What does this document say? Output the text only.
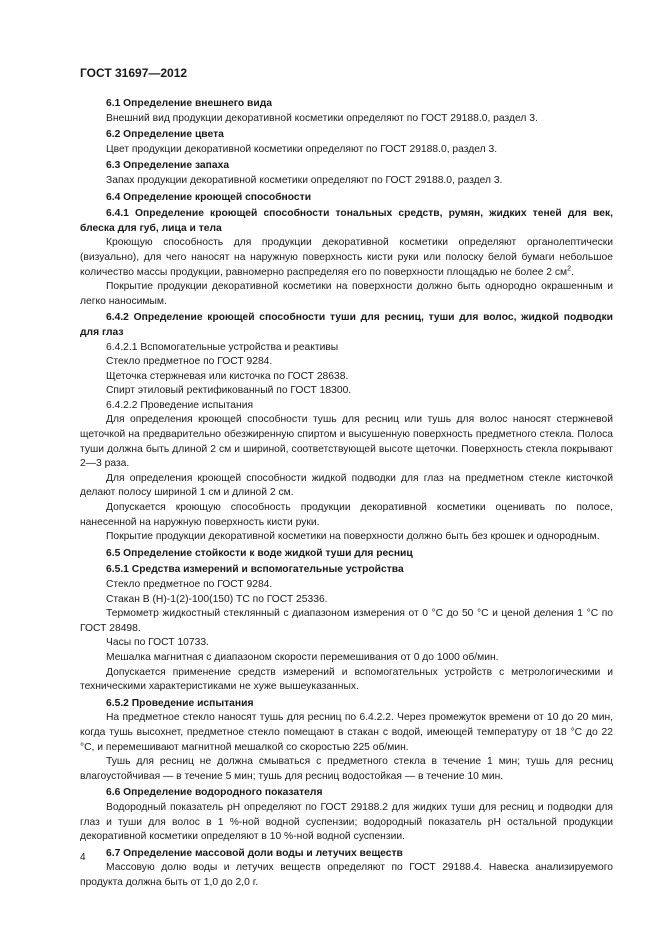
ГОСТ 31697—2012

6.1 Определение внешнего вида

Внешний вид продукции декоративной косметики определяют по ГОСТ 29188.0, раздел 3.

6.2 Определение цвета

Цвет продукции декоративной косметики определяют по ГОСТ 29188.0, раздел 3.

6.3 Определение запаха

Запах продукции декоративной косметики определяют по ГОСТ 29188.0, раздел 3.

6.4 Определение кроющей способности

6.4.1 Определение кроющей способности тональных средств, румян, жидких теней для век, блеска для губ, лица и тела

Кроющую способность для продукции декоративной косметики определяют органолептически (визуально), для чего наносят на наружную поверхность кисти руки или полоску белой бумаги небольшое количество массы продукции, равномерно распределяя его по поверхности площадью не более 2 $см^2$.

Покрытие продукции декоративной косметики на поверхности должно быть однородно окрашенным и легко наносимым.

6.4.2 Определение кроющей способности туши для ресниц, туши для волос, жидкой подводки для глаз

6.4.2.1 Вспомогательные устройства и реактивы

Стекло предметное по ГОСТ 9284.

Щеточка стержневая или кисточка по ГОСТ 28638.

Спирт этиловый ректификованный по ГОСТ 18300.

6.4.2.2 Проведение испытания

Для определения кроющей способности тушь для ресниц или тушь для волос наносят стержневой щеточкой на предварительно обезжиренную спиртом и высушенную поверхность предметного стекла. Полоса туши должна быть длиной 2 см и шириной, соответствующей высоте щеточки. Поверхность стекла покрывают 2—3 раза.

Для определения кроющей способности жидкой подводки для глаз на предметном стекле кисточкой делают полосу шириной 1 см и длиной 2 см.

Допускается кроющую способность продукции декоративной косметики оценивать по полосе, нанесенной на наружную поверхность кисти руки.

Покрытие продукции декоративной косметики на поверхности должно быть без крошек и однородным.

6.5 Определение стойкости к воде жидкой туши для ресниц

6.5.1 Средства измерений и вспомогательные устройства

Стекло предметное по ГОСТ 9284.

Стакан В (Н)-1(2)-100(150) ТС по ГОСТ 25336.

Термометр жидкостный стеклянный с диапазоном измерения от 0 °С до 50 °С и ценой деления 1 °С по ГОСТ 28498.

Часы по ГОСТ 10733.

Мешалка магнитная с диапазоном скорости перемешивания от 0 до 1000 об/мин.

Допускается применение средств измерений и вспомогательных устройств с метрологическими и техническими характеристиками не хуже вышеуказанных.

6.5.2 Проведение испытания

На предметное стекло наносят тушь для ресниц по 6.4.2.2. Через промежуток времени от 10 до 20 мин, когда тушь высохнет, предметное стекло помещают в стакан с водой, имеющей температуру от 18 °С до 22 °С, и перемешивают магнитной мешалкой со скоростью 225 об/мин.

Тушь для ресниц не должна смываться с предметного стекла в течение 1 мин; тушь для ресниц влагоустойчивая — в течение 5 мин; тушь для ресниц водостойкая — в течение 10 мин.

6.6 Определение водородного показателя

Водородный показатель pH определяют по ГОСТ 29188.2 для жидких туши для ресниц и подводки для глаз и туши для волос в 1 %-ной водной суспензии; водородный показатель pH остальной продукции декоративной косметики определяют в 10 %-ной водной суспензии.

6.7 Определение массовой доли воды и летучих веществ

Массовую долю воды и летучих веществ определяют по ГОСТ 29188.4. Навеска анализируемого продукта должна быть от 1,0 до 2,0 г.

4
